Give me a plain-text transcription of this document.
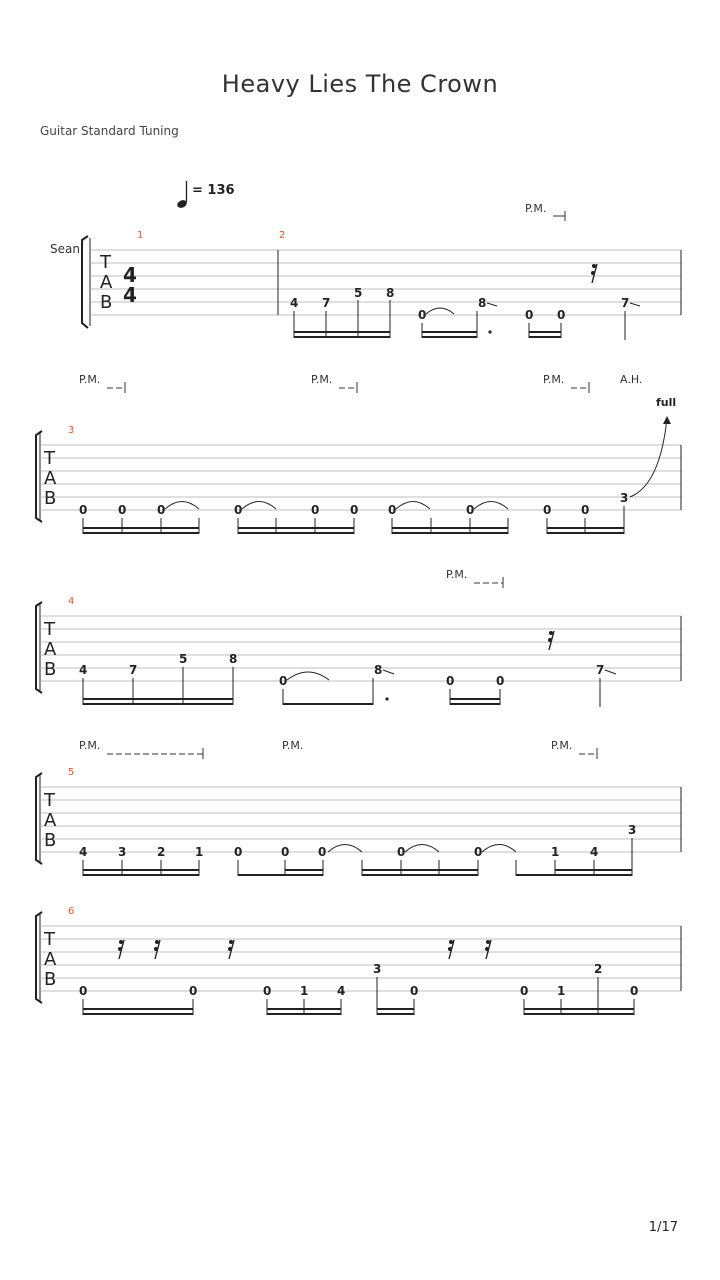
Heavy Lies The Crown
Guitar Standard Tuning
= 136
Sean
T
A
B
4
4
1	2
P.M.
4 7
5 8
0
8
0 0
7
P.M.	P.M.	P.M.	A.H.
full
T
A
B
3
0	0	0	0	0	0 0	0	0 0
3
P.M.
T
A
B
4
4	7
5	8
0
8
0	0
7
P.M.	P.M.	P.M.
T
A
B
5
4	3	2 1	0	0 0	0	0	1	4
3
T
A
B
6
0	0	0 1 4
3
0	0 1
2
0
1/17
